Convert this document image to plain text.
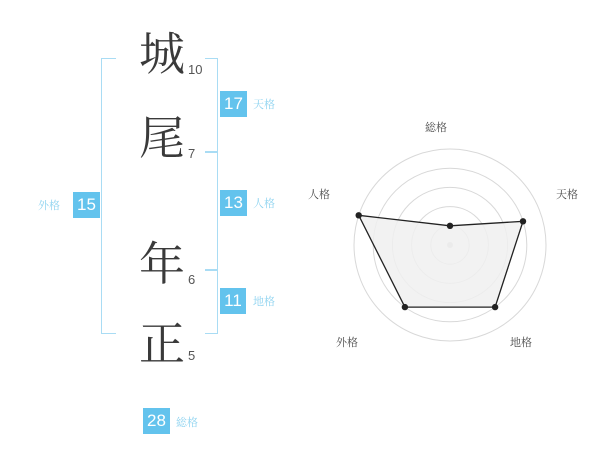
城 10
尾 7
年 6
正 5
15
外格
17 天格
13 人格
11	地格
28 総格
総格
天格
地格
外格
人格
